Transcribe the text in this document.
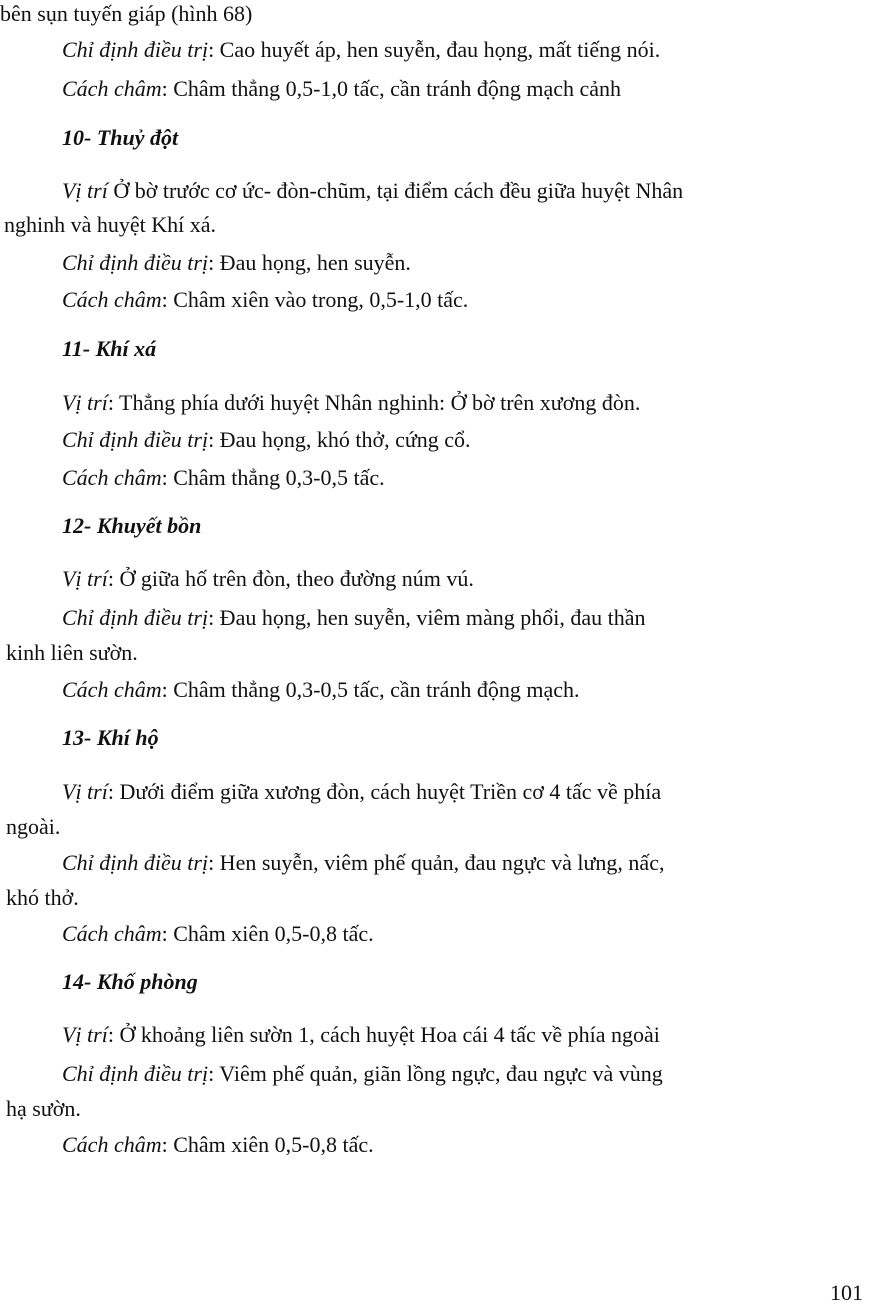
bên sụn tuyến giáp (hình 68)
Chỉ định điều trị: Cao huyết áp, hen suyễn, đau họng, mất tiếng nói.
Cách châm: Châm thẳng 0,5-1,0 tấc, cần tránh động mạch cảnh
10- Thuỷ đột
Vị trí Ở bờ trước cơ ức- đòn-chũm, tại điểm cách đều giữa huyệt Nhân
nghinh và huyệt Khí xá.
Chỉ định điều trị: Đau họng, hen suyễn.
Cách châm: Châm xiên vào trong, 0,5-1,0 tấc.
11- Khí xá
Vị trí: Thẳng phía dưới huyệt Nhân nghinh: Ở bờ trên xương đòn.
Chỉ định điều trị: Đau họng, khó thở, cứng cổ.
Cách châm: Châm thẳng 0,3-0,5 tấc.
12- Khuyết bồn
Vị trí: Ở giữa hố trên đòn, theo đường núm vú.
Chỉ định điều trị: Đau họng, hen suyễn, viêm màng phổi, đau thần
kinh liên sườn.
Cách châm: Châm thẳng 0,3-0,5 tấc, cần tránh động mạch.
13- Khí hộ
Vị trí: Dưới điểm giữa xương đòn, cách huyệt Triền cơ 4 tấc về phía
ngoài.
Chỉ định điều trị: Hen suyễn, viêm phế quản, đau ngực và lưng, nấc,
khó thở.
Cách châm: Châm xiên 0,5-0,8 tấc.
14- Khố phòng
Vị trí: Ở khoảng liên sườn 1, cách huyệt Hoa cái 4 tấc về phía ngoài
Chỉ định điều trị: Viêm phế quản, giãn lồng ngực, đau ngực và vùng
hạ sườn.
Cách châm: Châm xiên 0,5-0,8 tấc.
101
